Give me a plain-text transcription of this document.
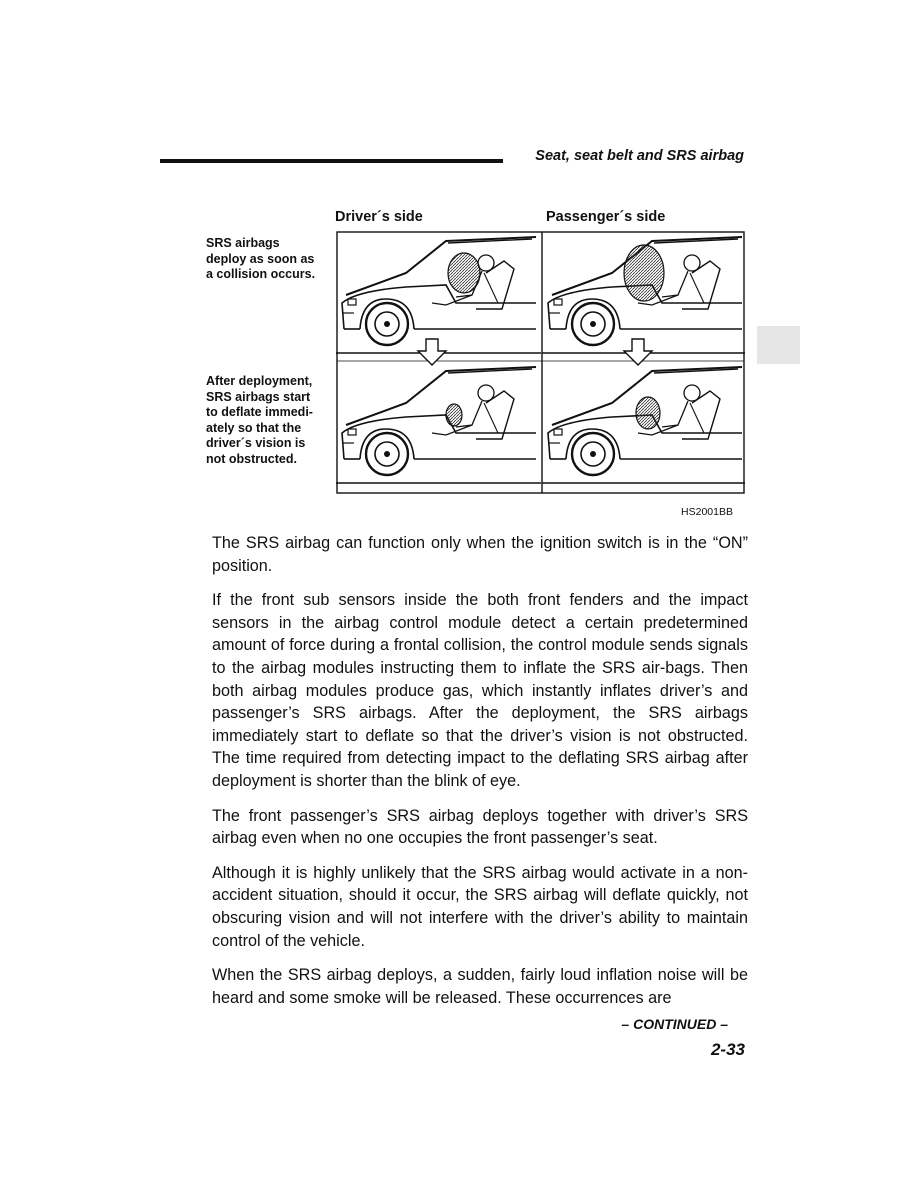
Seat, seat belt and SRS airbag
Driver´s side	Passenger´s side
SRS airbags
deploy as soon as
a collision occurs.
After deployment,
SRS airbags start
to deflate immedi-
ately so that the
driver´s vision is
not obstructed.
HS2001BB

The SRS airbag can function only when the ignition switch is in the “ON” position.

If the front sub sensors inside the both front fenders and the impact sensors in the airbag control module detect a certain predetermined amount of force during a frontal collision, the control module sends signals to the airbag modules instructing them to inflate the SRS air-bags. Then both airbag modules produce gas, which instantly inflates driver’s and passenger’s SRS airbags. After the deployment, the SRS airbags immediately start to deflate so that the driver’s vision is not obstructed. The time required from detecting impact to the deflating SRS airbag after deployment is shorter than the blink of eye.

The front passenger’s SRS airbag deploys together with driver’s SRS airbag even when no one occupies the front passenger’s seat.

Although it is highly unlikely that the SRS airbag would activate in a non-accident situation, should it occur, the SRS airbag will deflate quickly, not obscuring vision and will not interfere with the driver’s ability to maintain control of the vehicle.

When the SRS airbag deploys, a sudden, fairly loud inflation noise will be heard and some smoke will be released. These occurrences are

– CONTINUED –
2-33
